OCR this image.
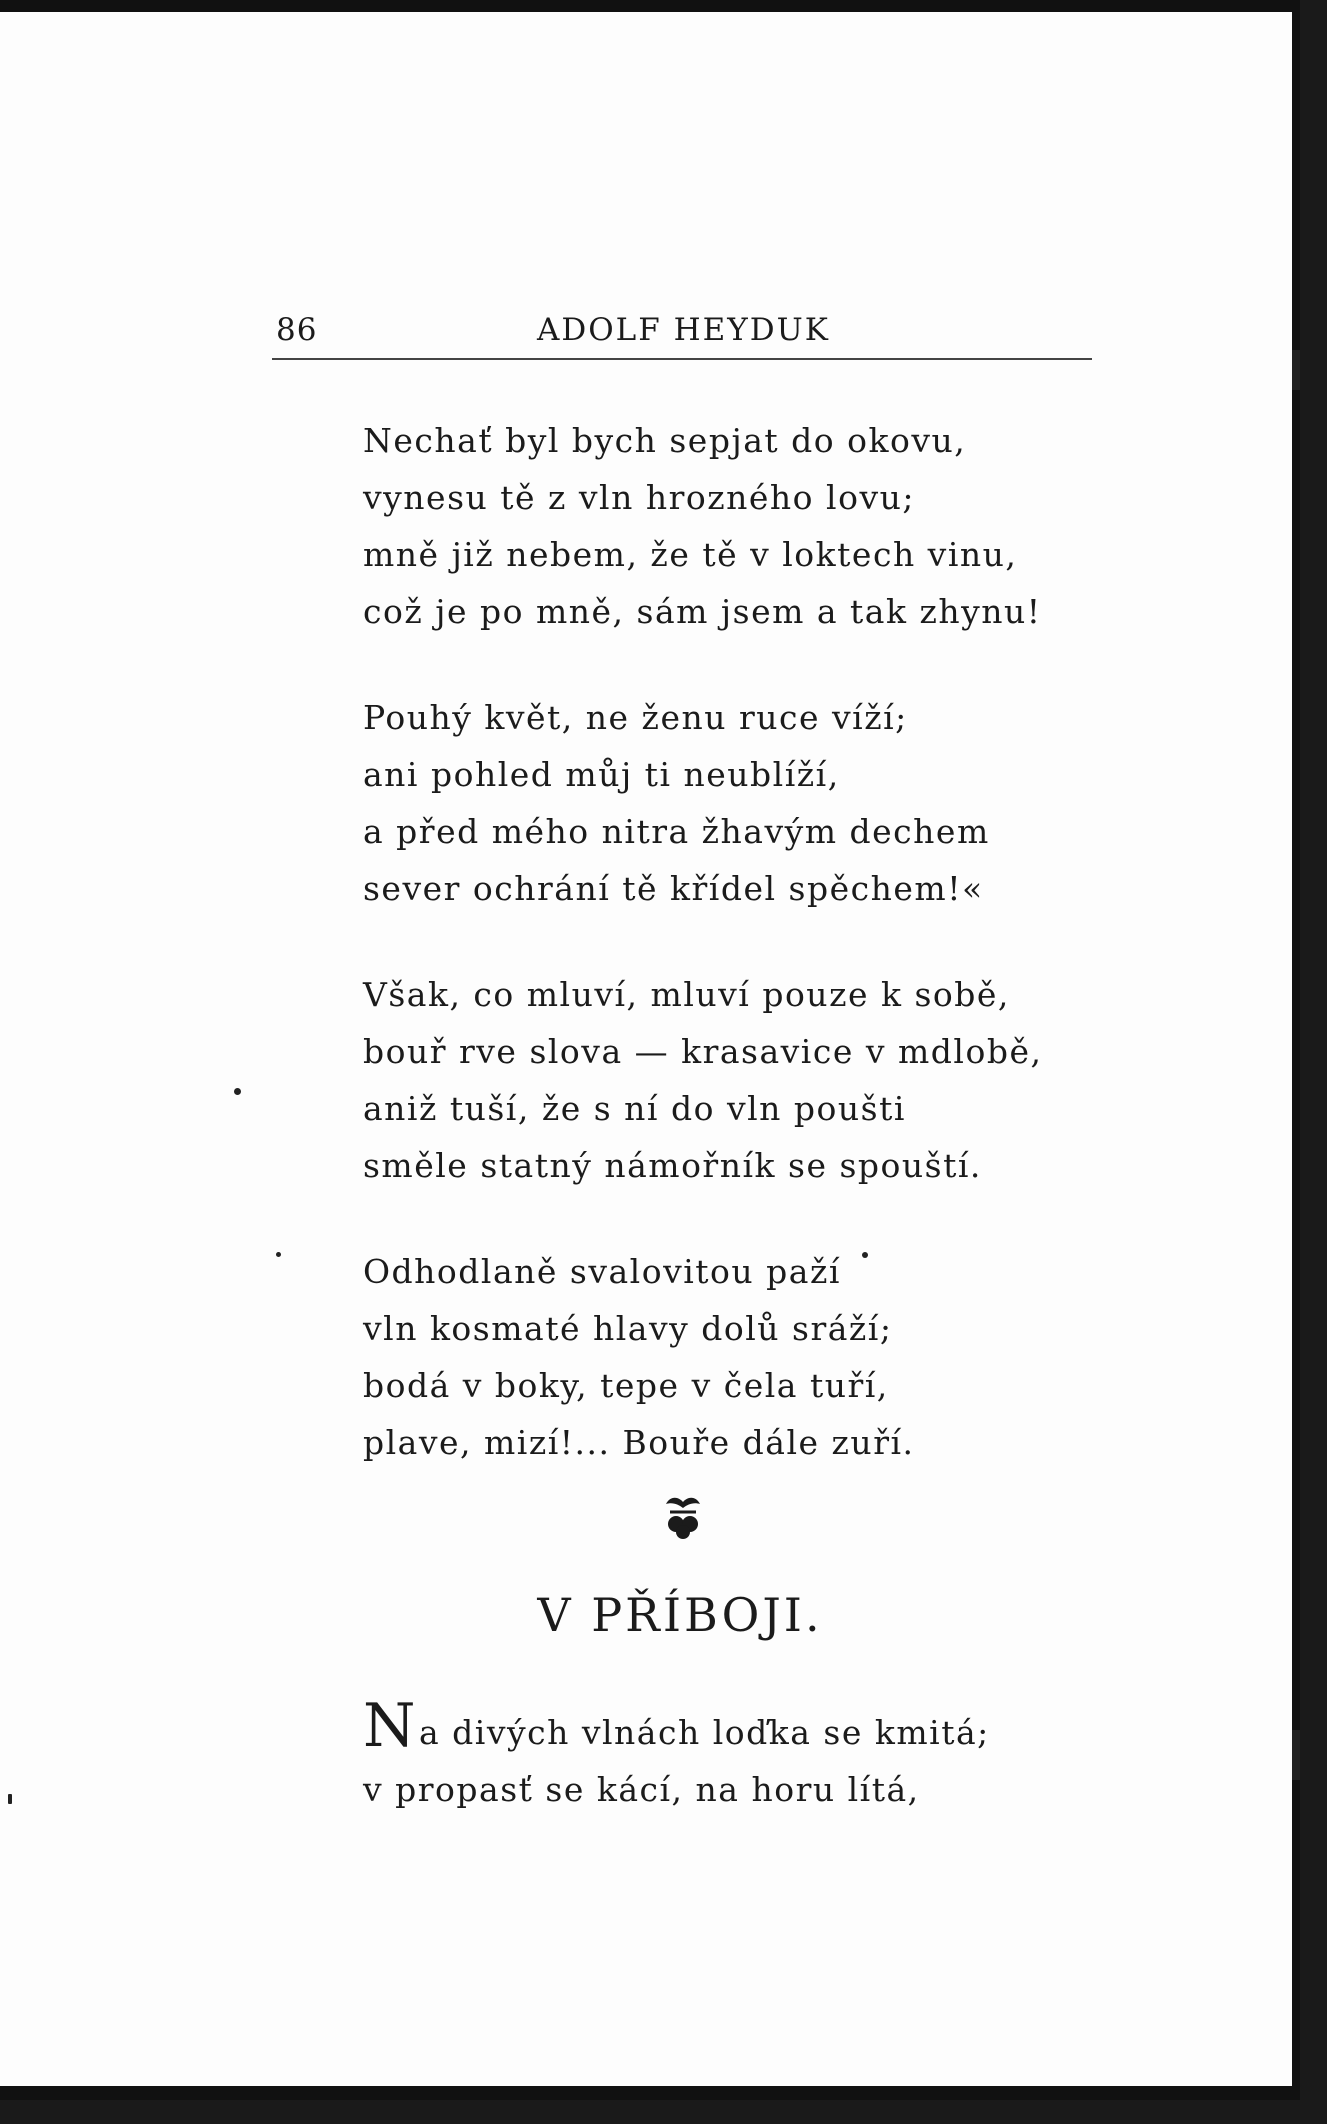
86	ADOLF HEYDUK
Nechať byl bych sepjat do okovu,
vynesu tě z vln hrozného lovu;
mně již nebem, že tě v loktech vinu,
což je po mně, sám jsem a tak zhynu!
Pouhý květ, ne ženu ruce víží;
ani pohled můj ti neublíží,
a před mého nitra žhavým dechem
sever ochrání tě křídel spěchem!«
Však, co mluví, mluví pouze k sobě,
bouř rve slova — krasavice v mdlobě,
aniž tuší, že s ní do vln poušti
směle statný námořník se spouští.
Odhodlaně svalovitou paží
vln kosmaté hlavy dolů sráží;
bodá v boky, tepe v čela tuří,
plave, mizí!... Bouře dále zuří.
V PŘÍBOJI.
Na divých vlnách loďka se kmitá;
v propasť se kácí, na horu lítá,
